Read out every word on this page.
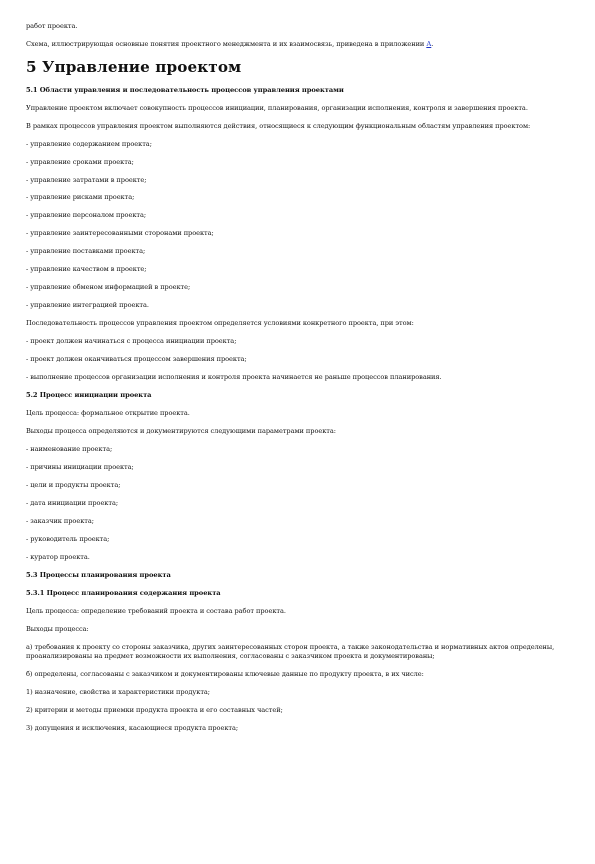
работ проекта.

Схема, иллюстрирующая основные понятия проектного менеджмента и их взаимосвязь, приведена в приложении А.

5 Управление проектом

5.1 Области управления и последовательность процессов управления проектами

Управление проектом включает совокупность процессов инициации, планирования, организации исполнения, контроля и завершения проекта.

В рамках процессов управления проектом выполняются действия, относящиеся к следующим функциональным областям управления проектом:

- управление содержанием проекта;

- управление сроками проекта;

- управление затратами в проекте;

- управление рисками проекта;

- управление персоналом проекта;

- управление заинтересованными сторонами проекта;

- управление поставками проекта;

- управление качеством в проекте;

- управление обменом информацией в проекте;

- управление интеграцией проекта.

Последовательность процессов управления проектом определяется условиями конкретного проекта, при этом:

- проект должен начинаться с процесса инициации проекта;

- проект должен оканчиваться процессом завершения проекта;

- выполнение процессов организации исполнения и контроля проекта начинается не раньше процессов планирования.

5.2 Процесс инициации проекта

Цель процесса: формальное открытие проекта.

Выходы процесса определяются и документируются следующими параметрами проекта:

- наименование проекта;

- причины инициации проекта;

- цели и продукты проекта;

- дата инициации проекта;

- заказчик проекта;

- руководитель проекта;

- куратор проекта.

5.3 Процессы планирования проекта

5.3.1 Процесс планирования содержания проекта

Цель процесса: определение требований проекта и состава работ проекта.

Выходы процесса:

а) требования к проекту со стороны заказчика, других заинтересованных сторон проекта, а также законодательства и нормативных актов определены, проанализированы на предмет возможности их выполнения, согласованы с заказчиком проекта и документированы;

б) определены, согласованы с заказчиком и документированы ключевые данные по продукту проекта, в их числе:

1) назначение, свойства и характеристики продукта;

2) критерии и методы приемки продукта проекта и его составных частей;

3) допущения и исключения, касающиеся продукта проекта;
